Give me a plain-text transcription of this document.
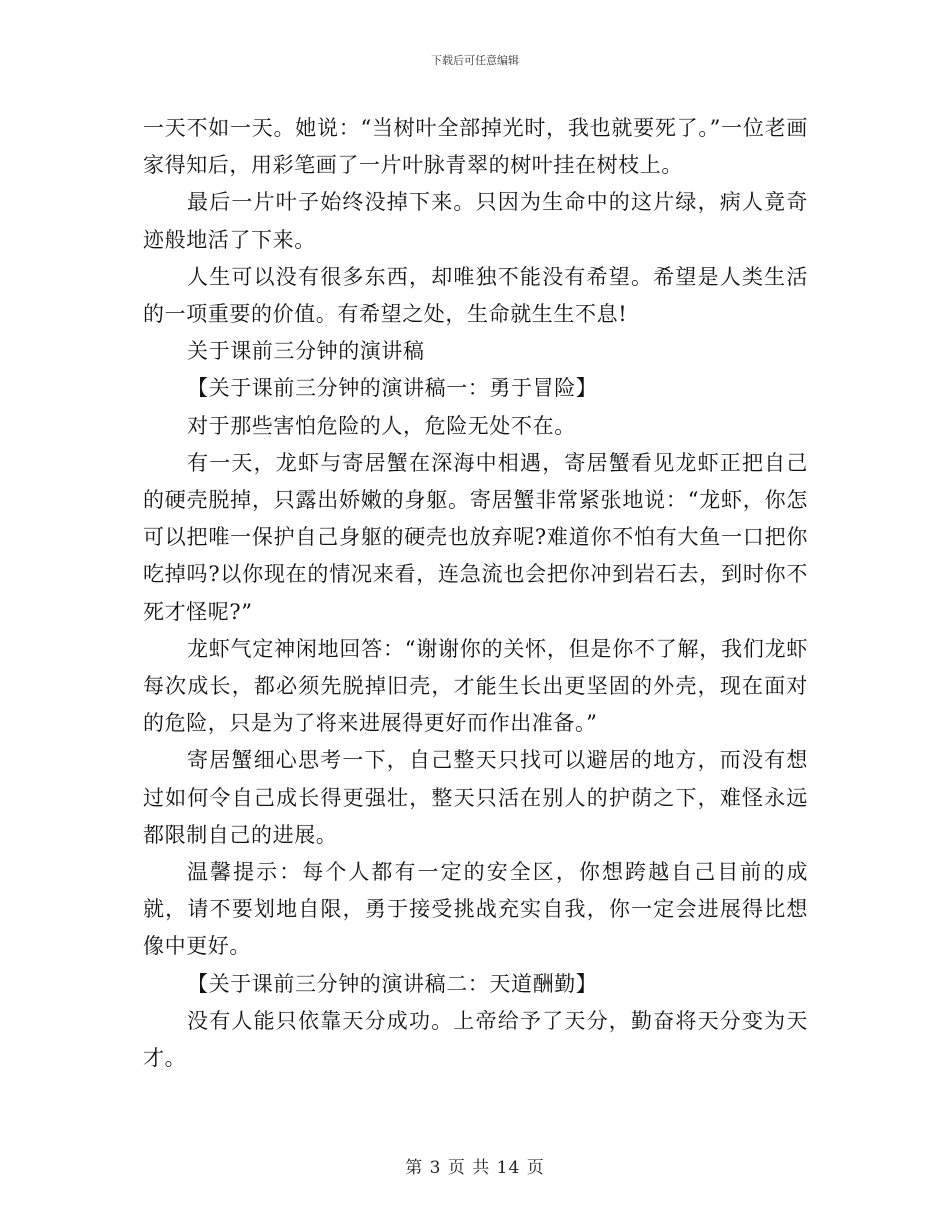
下载后可任意编辑

一天不如一天。她说：“当树叶全部掉光时，我也就要死了。”一位老画家得知后，用彩笔画了一片叶脉青翠的树叶挂在树枝上。

最后一片叶子始终没掉下来。只因为生命中的这片绿，病人竟奇迹般地活了下来。

人生可以没有很多东西，却唯独不能没有希望。希望是人类生活的一项重要的价值。有希望之处，生命就生生不息!

关于课前三分钟的演讲稿

【关于课前三分钟的演讲稿一：勇于冒险】

对于那些害怕危险的人，危险无处不在。

有一天，龙虾与寄居蟹在深海中相遇，寄居蟹看见龙虾正把自己的硬壳脱掉，只露出娇嫩的身躯。寄居蟹非常紧张地说：“龙虾，你怎可以把唯一保护自己身躯的硬壳也放弃呢?难道你不怕有大鱼一口把你吃掉吗?以你现在的情况来看，连急流也会把你冲到岩石去，到时你不死才怪呢?”

龙虾气定神闲地回答：“谢谢你的关怀，但是你不了解，我们龙虾每次成长，都必须先脱掉旧壳，才能生长出更坚固的外壳，现在面对的危险，只是为了将来进展得更好而作出准备。”

寄居蟹细心思考一下，自己整天只找可以避居的地方，而没有想过如何令自己成长得更强壮，整天只活在别人的护荫之下，难怪永远都限制自己的进展。

温馨提示：每个人都有一定的安全区，你想跨越自己目前的成就，请不要划地自限，勇于接受挑战充实自我，你一定会进展得比想像中更好。

【关于课前三分钟的演讲稿二：天道酬勤】

没有人能只依靠天分成功。上帝给予了天分，勤奋将天分变为天才。

第 3 页 共 14 页
